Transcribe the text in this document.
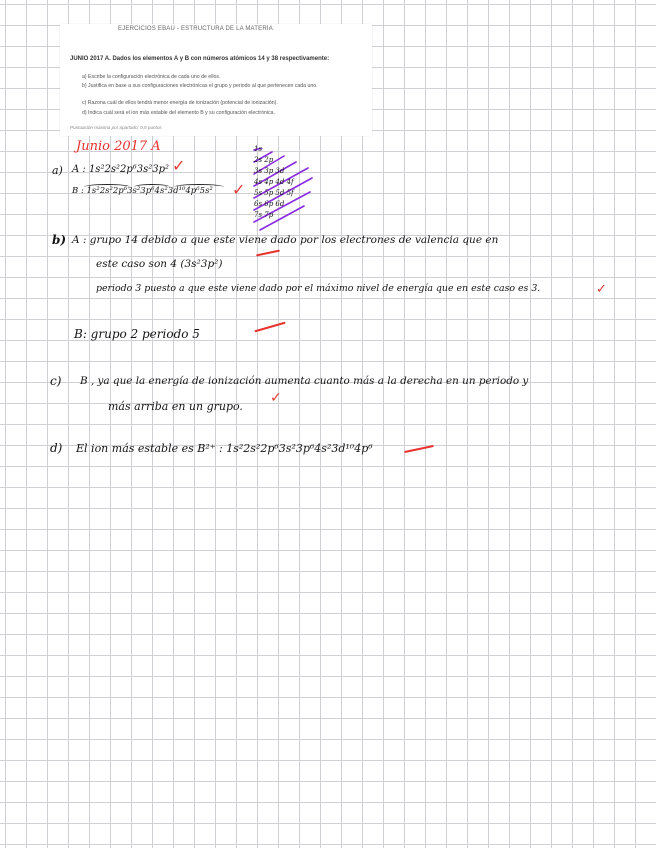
EJERCICIOS EBAU - ESTRUCTURA DE LA MATERIA
JUNIO 2017 A. Dados los elementos A y B con números atómicos 14 y 38 respectivamente:
a) Escribe la configuración electrónica de cada uno de ellos.
b) Justifica en base a sus configuraciones electrónicas el grupo y periodo al que pertenecen cada uno.
c) Razona cuál de ellos tendrá menor energía de ionización (potencial de ionización).
d) Indica cuál será el ion más estable del elemento B y su configuración electrónica.
Puntuación máxima por apartado: 0,5 puntos
Junio 2017 A
a) A : 1s²2s²2p⁶3s²3p² ✓
B : 1s²2s²2p⁶3s²3p⁶4s²3d¹⁰4p⁶5s² ✓
1s
2s 2p
3s 3p 3d
4s 4p 4d 4f
5s 5p 5d 5f
6s 6p 6d
7s 7p
b) A : grupo 14 debido a que este viene dado por los electrones de valencia que en
este caso son 4 (3s²3p²)
periodo 3 puesto a que este viene dado por el máximo nivel de energía que en este caso es 3.	✓
B: grupo 2 periodo 5
c) B , ya que la energía de ionización aumenta cuanto más a la derecha en un periodo y
más arriba en un grupo.
✓
d) El ion más estable es B²⁺ : 1s²2s²2p⁶3s²3p⁶4s²3d¹⁰4p⁶
